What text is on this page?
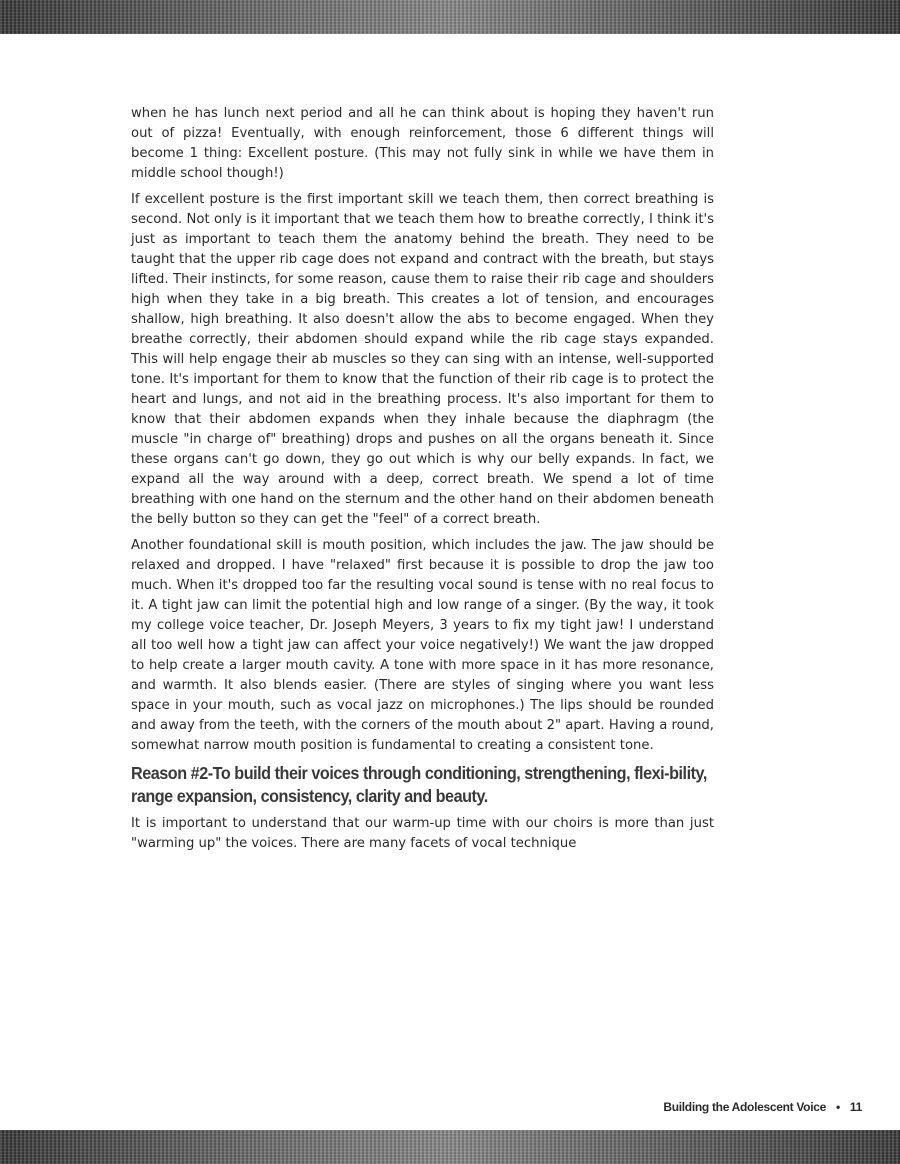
when he has lunch next period and all he can think about is hoping they haven't run out of pizza! Eventually, with enough reinforcement, those 6 different things will become 1 thing: Excellent posture. (This may not fully sink in while we have them in middle school though!)

If excellent posture is the first important skill we teach them, then correct breathing is second. Not only is it important that we teach them how to breathe correctly, I think it's just as important to teach them the anatomy behind the breath. They need to be taught that the upper rib cage does not expand and contract with the breath, but stays lifted. Their instincts, for some reason, cause them to raise their rib cage and shoulders high when they take in a big breath. This creates a lot of tension, and encourages shallow, high breathing. It also doesn't allow the abs to become engaged. When they breathe correctly, their abdomen should expand while the rib cage stays expanded. This will help engage their ab muscles so they can sing with an intense, well-supported tone. It's important for them to know that the function of their rib cage is to protect the heart and lungs, and not aid in the breathing process. It's also important for them to know that their abdomen expands when they inhale because the diaphragm (the muscle "in charge of" breathing) drops and pushes on all the organs beneath it. Since these organs can't go down, they go out which is why our belly expands. In fact, we expand all the way around with a deep, correct breath. We spend a lot of time breathing with one hand on the sternum and the other hand on their abdomen beneath the belly button so they can get the "feel" of a correct breath.

Another foundational skill is mouth position, which includes the jaw. The jaw should be relaxed and dropped. I have "relaxed" first because it is possible to drop the jaw too much. When it's dropped too far the resulting vocal sound is tense with no real focus to it. A tight jaw can limit the potential high and low range of a singer. (By the way, it took my college voice teacher, Dr. Joseph Meyers, 3 years to fix my tight jaw! I understand all too well how a tight jaw can affect your voice negatively!) We want the jaw dropped to help create a larger mouth cavity. A tone with more space in it has more resonance, and warmth. It also blends easier. (There are styles of singing where you want less space in your mouth, such as vocal jazz on microphones.) The lips should be rounded and away from the teeth, with the corners of the mouth about 2" apart. Having a round, somewhat narrow mouth position is fundamental to creating a consistent tone.

Reason #2-To build their voices through conditioning, strengthening, flexi-bility, range expansion, consistency, clarity and beauty.

It is important to understand that our warm-up time with our choirs is more than just "warming up" the voices. There are many facets of vocal technique

Building the Adolescent Voice • 11
